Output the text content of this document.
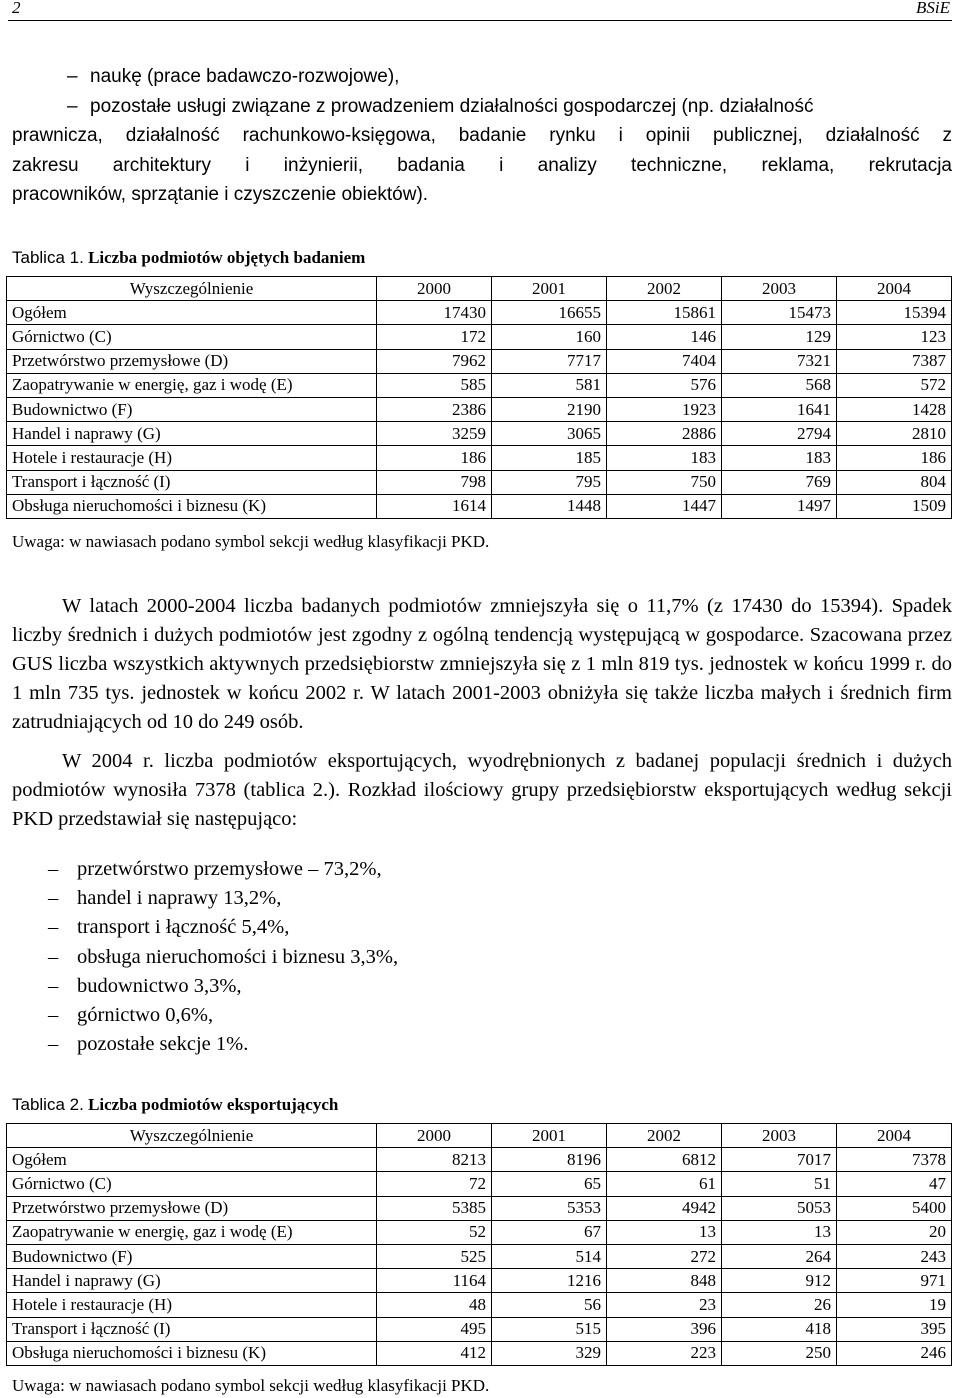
2	BSiE

– naukę (prace badawczo-rozwojowe),

– pozostałe usługi związane z prowadzeniem działalności gospodarczej (np. działalność

prawnicza, działalność rachunkowo-księgowa, badanie rynku i opinii publicznej, działalność z

zakresu architektury i inżynierii, badania i analizy techniczne, reklama, rekrutacja

pracowników, sprzątanie i czyszczenie obiektów).

Tablica 1. Liczba podmiotów objętych badaniem
Wyszczególnienie	2000	2001	2002	2003	2004
Ogółem	17430	16655	15861	15473	15394
Górnictwo (C)	172	160	146	129	123
Przetwórstwo przemysłowe (D)	7962	7717	7404	7321	7387
Zaopatrywanie w energię, gaz i wodę (E)	585	581	576	568	572
Budownictwo (F)	2386	2190	1923	1641	1428
Handel i naprawy (G)	3259	3065	2886	2794	2810
Hotele i restauracje (H)	186	185	183	183	186
Transport i łączność (I)	798	795	750	769	804
Obsługa nieruchomości i biznesu (K)	1614	1448	1447	1497	1509
Uwaga: w nawiasach podano symbol sekcji według klasyfikacji PKD.

W latach 2000-2004 liczba badanych podmiotów zmniejszyła się o 11,7% (z 17430 do 15394). Spadek liczby średnich i dużych podmiotów jest zgodny z ogólną tendencją występującą w gospodarce. Szacowana przez GUS liczba wszystkich aktywnych przedsiębiorstw zmniejszyła się z 1 mln 819 tys. jednostek w końcu 1999 r. do 1 mln 735 tys. jednostek w końcu 2002 r. W latach 2001-2003 obniżyła się także liczba małych i średnich firm zatrudniających od 10 do 249 osób.

W 2004 r. liczba podmiotów eksportujących, wyodrębnionych z badanej populacji średnich i dużych podmiotów wynosiła 7378 (tablica 2.). Rozkład ilościowy grupy przedsiębiorstw eksportujących według sekcji PKD przedstawiał się następująco:

– przetwórstwo przemysłowe – 73,2%,
– handel i naprawy 13,2%,
– transport i łączność 5,4%,
– obsługa nieruchomości i biznesu 3,3%,
– budownictwo 3,3%,
– górnictwo 0,6%,
– pozostałe sekcje 1%.
Tablica 2. Liczba podmiotów eksportujących
Wyszczególnienie	2000	2001	2002	2003	2004
Ogółem	8213	8196	6812	7017	7378
Górnictwo (C)	72	65	61	51	47
Przetwórstwo przemysłowe (D)	5385	5353	4942	5053	5400
Zaopatrywanie w energię, gaz i wodę (E)	52	67	13	13	20
Budownictwo (F)	525	514	272	264	243
Handel i naprawy (G)	1164	1216	848	912	971
Hotele i restauracje (H)	48	56	23	26	19
Transport i łączność (I)	495	515	396	418	395
Obsługa nieruchomości i biznesu (K)	412	329	223	250	246
Uwaga: w nawiasach podano symbol sekcji według klasyfikacji PKD.
